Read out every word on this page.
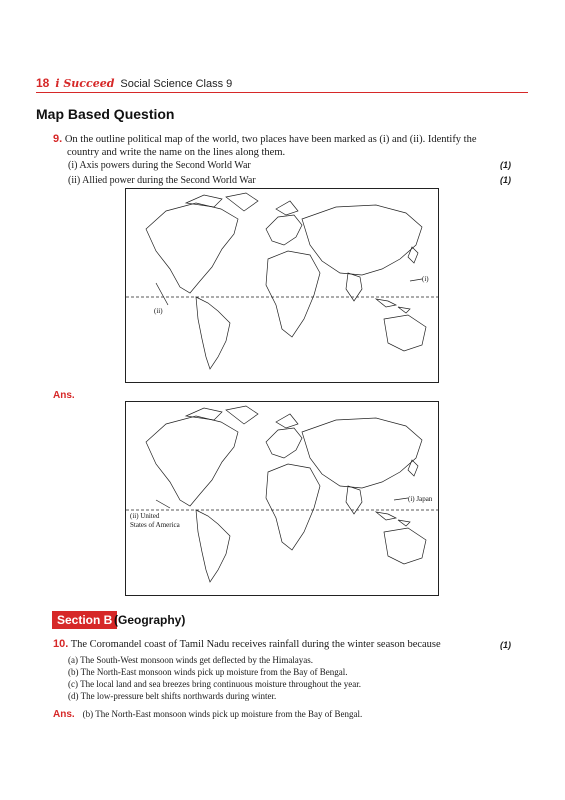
18 i Succeed Social Science Class 9
Map Based Question
9. On the outline political map of the world, two places have been marked as (i) and (ii). Identify the
country and write the name on the lines along them.
(i) Axis powers during the Second World War	(1)
(ii) Allied power during the Second World War	(1)
(i)
(ii)
Ans.
(i) Japan
(ii) United
States of America
Section B (Geography)
10. The Coromandel coast of Tamil Nadu receives rainfall during the winter season because	(1)
(a) The South-West monsoon winds get deflected by the Himalayas.
(b) The North-East monsoon winds pick up moisture from the Bay of Bengal.
(c) The local land and sea breezes bring continuous moisture throughout the year.
(d) The low-pressure belt shifts northwards during winter.
Ans. (b) The North-East monsoon winds pick up moisture from the Bay of Bengal.
